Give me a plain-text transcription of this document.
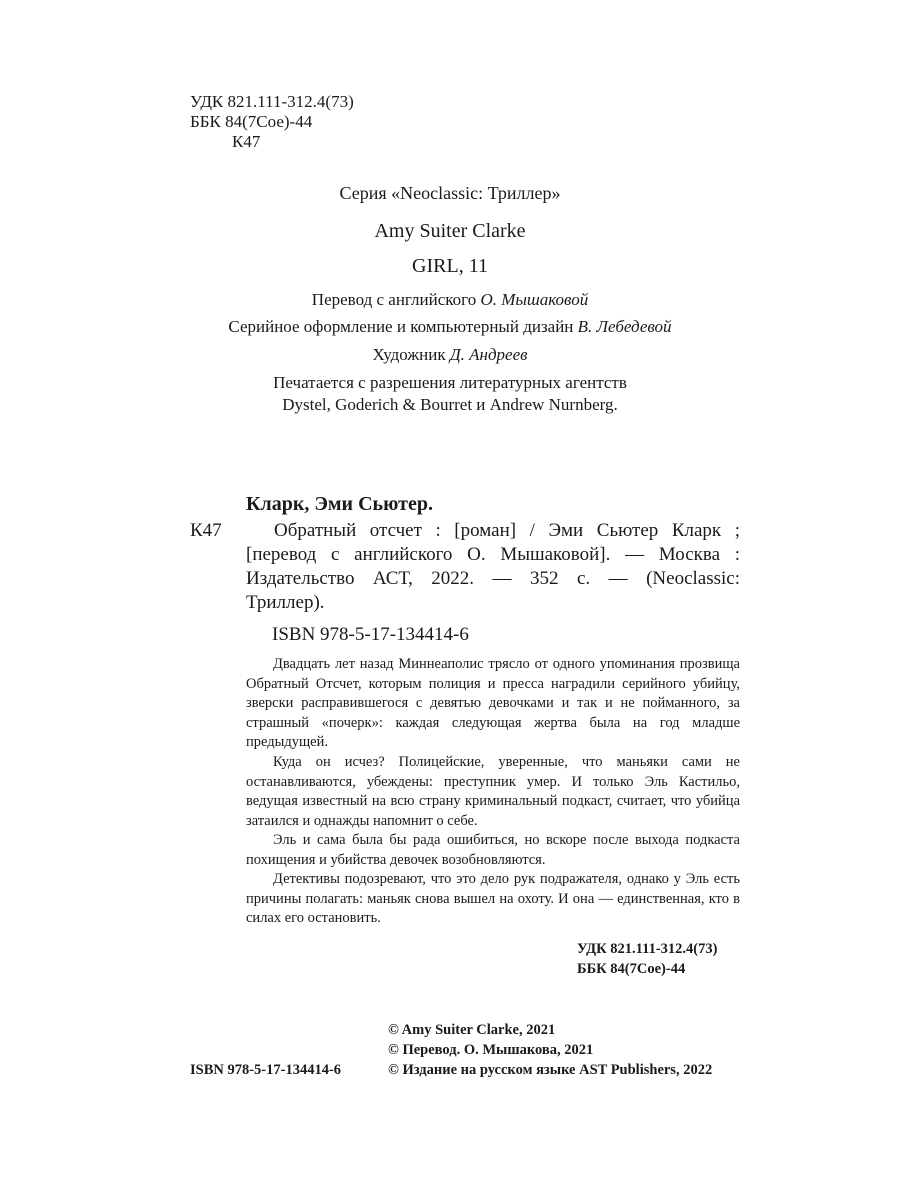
УДК 821.111-312.4(73)
ББК 84(7Сое)-44
К47
Серия «Neoclassic: Триллер»
Amy Suiter Clarke
GIRL, 11
Перевод с английского О. Мышаковой
Серийное оформление и компьютерный дизайн В. Лебедевой
Художник Д. Андреев
Печатается с разрешения литературных агентств
Dystel, Goderich & Bourret и Andrew Nurnberg.
Кларк, Эми Сьютер.
К47	Обратный отсчет : [роман] / Эми Сьютер Кларк ;
[перевод с английского О. Мышаковой]. — Москва :
Издательство АСТ, 2022. — 352 с. — (Neoclassic:
Триллер).
ISBN 978-5-17-134414-6
Двадцать лет назад Миннеаполис трясло от одного упоминания прозвища Обратный Отсчет, которым полиция и пресса наградили серийного убийцу, зверски расправившегося с девятью девочками и так и не пойманного, за страшный «почерк»: каждая следующая жертва была на год младше предыдущей.
Куда он исчез? Полицейские, уверенные, что маньяки сами не останавливаются, убеждены: преступник умер. И только Эль Кастильо, ведущая известный на всю страну криминальный подкаст, считает, что убийца затаился и однажды напомнит о себе.
Эль и сама была бы рада ошибиться, но вскоре после выхода подкаста похищения и убийства девочек возобновляются.
Детективы подозревают, что это дело рук подражателя, однако у Эль есть причины полагать: маньяк снова вышел на охоту. И она — единственная, кто в силах его остановить.
УДК 821.111-312.4(73)
ББК 84(7Сое)-44
ISBN 978-5-17-134414-6
© Amy Suiter Clarke, 2021
© Перевод. О. Мышакова, 2021
© Издание на русском языке AST Publishers, 2022
